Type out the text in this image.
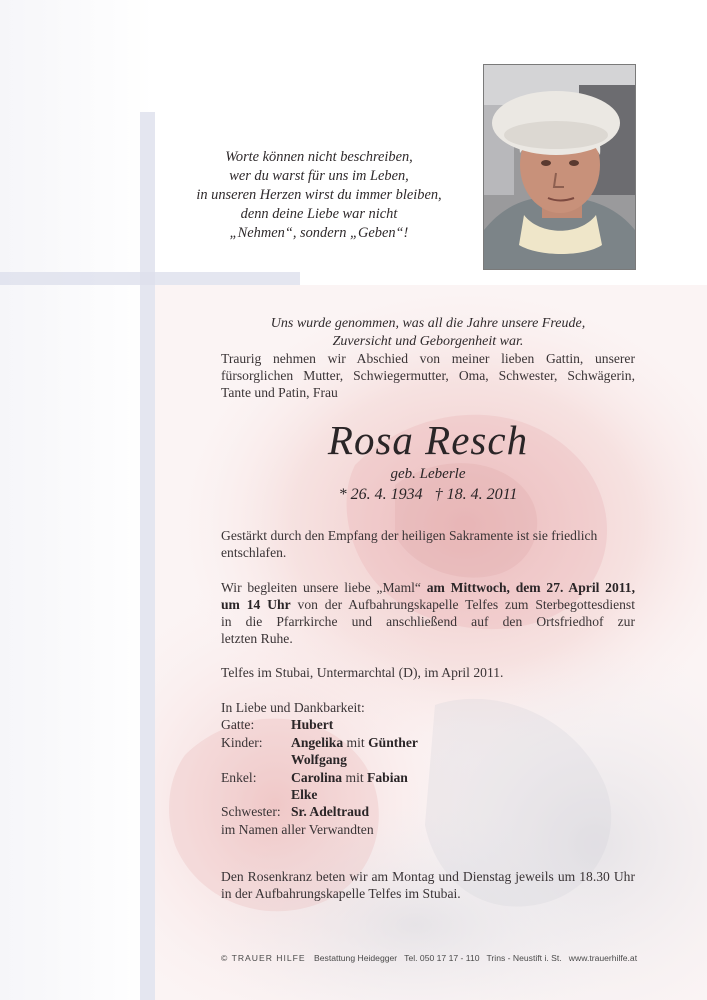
Worte können nicht beschreiben,
wer du warst für uns im Leben,
in unseren Herzen wirst du immer bleiben,
denn deine Liebe war nicht
„Nehmen“, sondern „Geben“!
Uns wurde genommen, was all die Jahre unsere Freude,
Zuversicht und Geborgenheit war.
Traurig nehmen wir Abschied von meiner lieben Gattin, unserer
fürsorglichen Mutter, Schwiegermutter, Oma, Schwester, Schwägerin,
Tante und Patin, Frau
Rosa Resch
geb. Leberle
* 26. 4. 1934   † 18. 4. 2011
Gestärkt durch den Empfang der heiligen Sakramente ist sie friedlich
entschlafen.
Wir begleiten unsere liebe „Maml“ am Mittwoch, dem 27. April 2011,
um 14 Uhr von der Aufbahrungskapelle Telfes zum Sterbegottesdienst
in die Pfarrkirche und anschließend auf den Ortsfriedhof zur
letzten Ruhe.
Telfes im Stubai, Untermarchtal (D), im April 2011.
In Liebe und Dankbarkeit:
Gatte:	Hubert
Kinder: Angelika mit Günther
Wolfgang
Enkel:	Carolina mit Fabian
Elke
Schwester: Sr. Adeltraud
im Namen aller Verwandten
Den Rosenkranz beten wir am Montag und Dienstag jeweils um 18.30 Uhr
in der Aufbahrungskapelle Telfes im Stubai.
© TRAUER HILFE Bestattung Heidegger   Tel. 050 17 17 - 110   Trins - Neustift i. St.   www.trauerhilfe.at
